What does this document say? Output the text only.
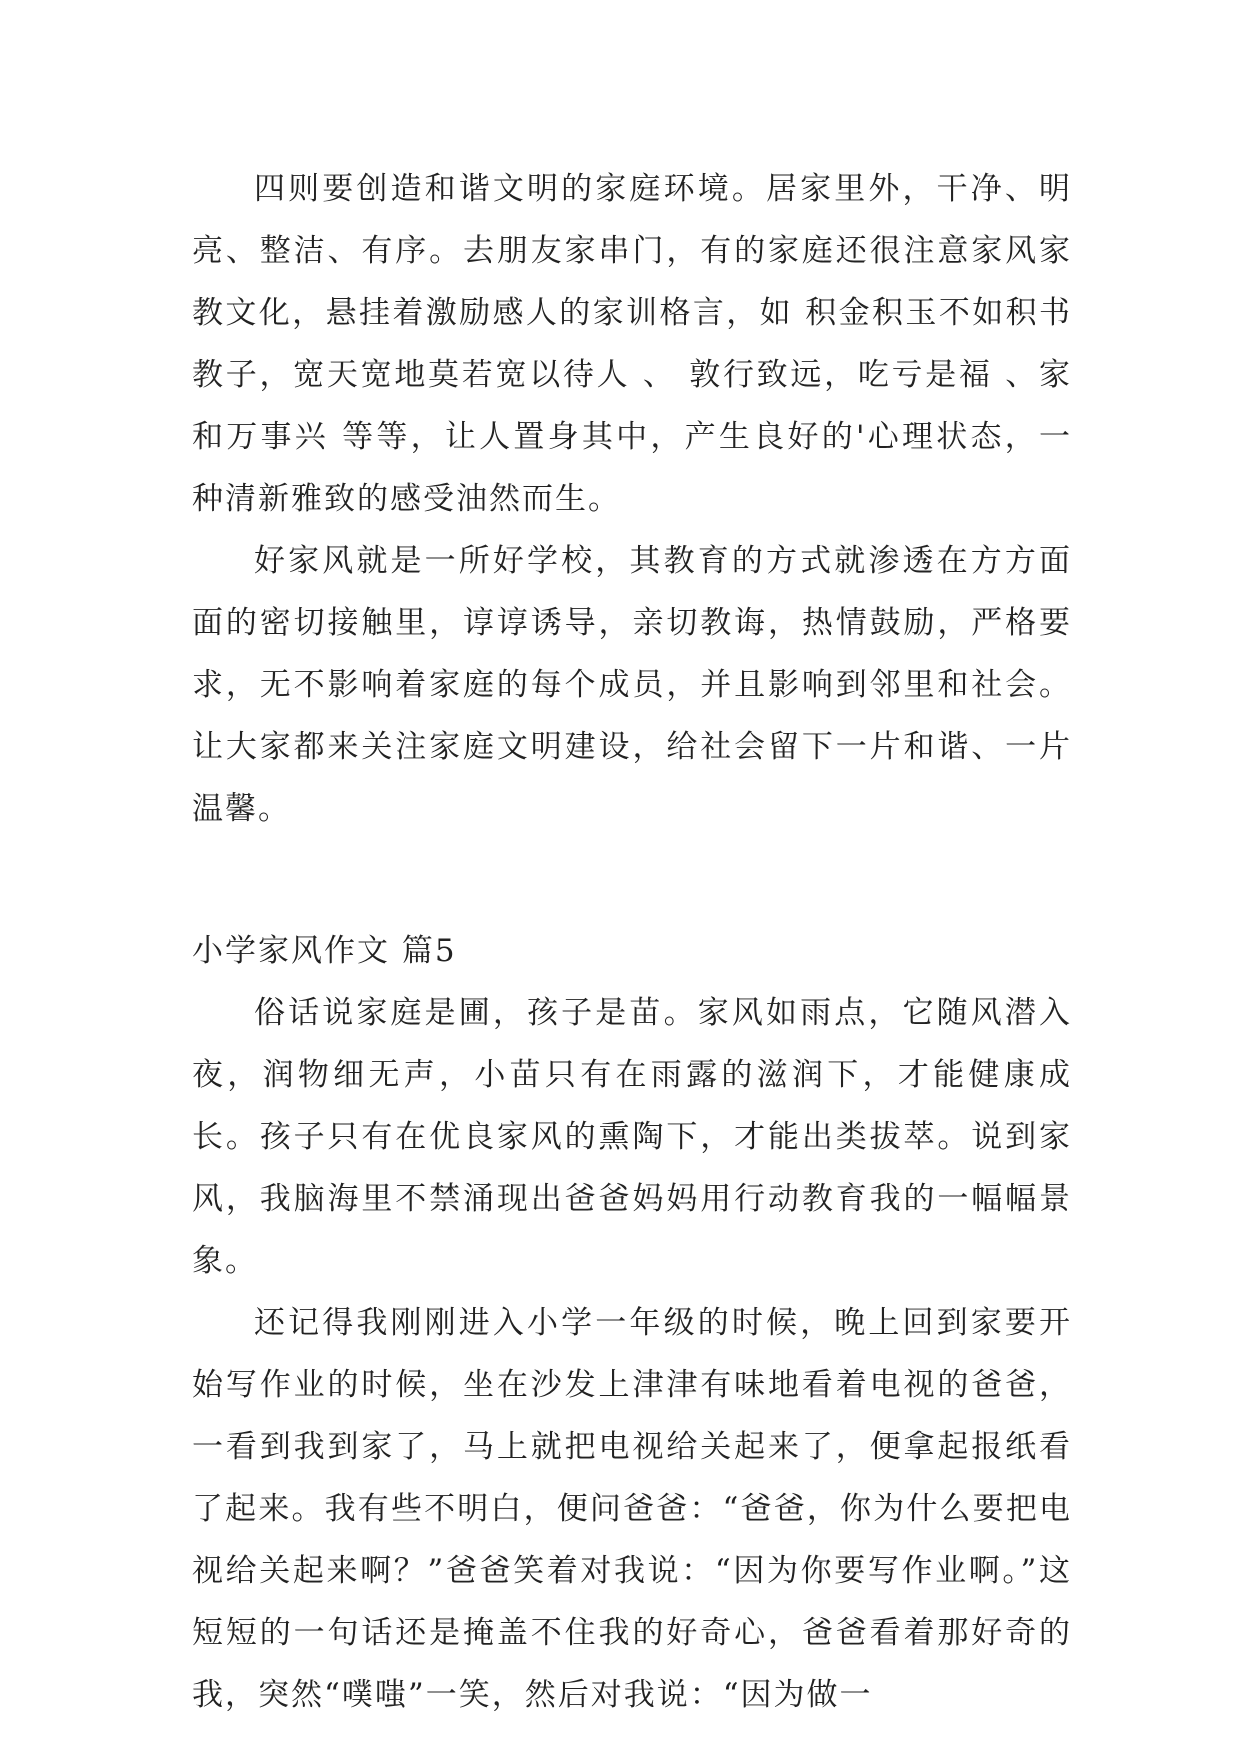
四则要创造和谐文明的家庭环境。居家里外，干净、明亮、整洁、有序。去朋友家串门，有的家庭还很注意家风家教文化，悬挂着激励感人的家训格言，如 积金积玉不如积书教子，宽天宽地莫若宽以待人 、 敦行致远，吃亏是福 、家和万事兴 等等，让人置身其中，产生良好的'心理状态，一种清新雅致的感受油然而生。

好家风就是一所好学校，其教育的方式就渗透在方方面面的密切接触里，谆谆诱导，亲切教诲，热情鼓励，严格要求，无不影响着家庭的每个成员，并且影响到邻里和社会。让大家都来关注家庭文明建设，给社会留下一片和谐、一片温馨。

小学家风作文 篇5

俗话说家庭是圃，孩子是苗。家风如雨点，它随风潜入夜，润物细无声，小苗只有在雨露的滋润下，才能健康成长。孩子只有在优良家风的熏陶下，才能出类拔萃。说到家风，我脑海里不禁涌现出爸爸妈妈用行动教育我的一幅幅景象。

还记得我刚刚进入小学一年级的时候，晚上回到家要开始写作业的时候，坐在沙发上津津有味地看着电视的爸爸，一看到我到家了，马上就把电视给关起来了，便拿起报纸看了起来。我有些不明白，便问爸爸：“爸爸，你为什么要把电视给关起来啊？”爸爸笑着对我说：“因为你要写作业啊。”这短短的一句话还是掩盖不住我的好奇心，爸爸看着那好奇的我，突然“噗嗤”一笑，然后对我说：“因为做一
